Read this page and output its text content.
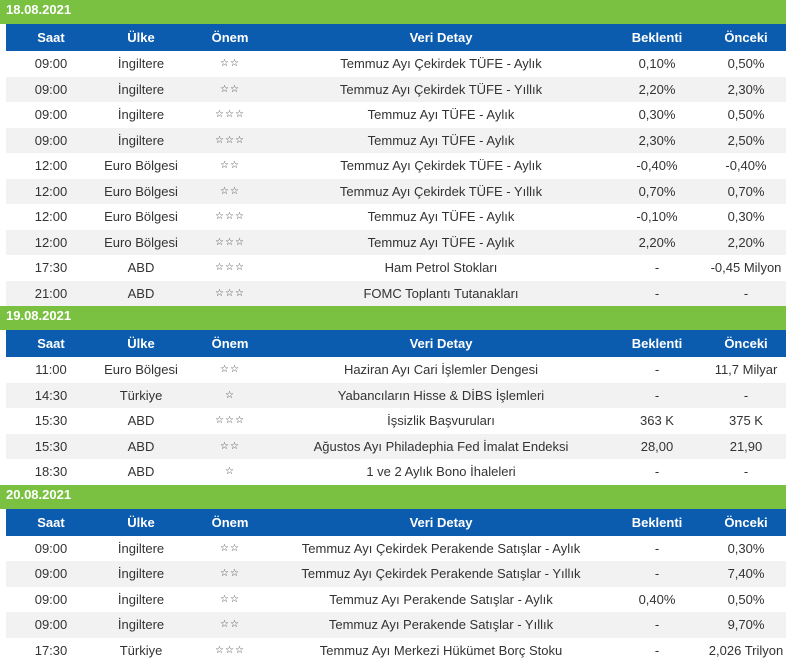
18.08.2021
Saat	Ülke	Önem	Veri Detay	Beklenti	Önceki
09:00	İngiltere	☆☆	Temmuz Ayı Çekirdek TÜFE - Aylık	0,10%	0,50%
09:00	İngiltere	☆☆	Temmuz Ayı Çekirdek TÜFE - Yıllık	2,20%	2,30%
09:00	İngiltere	☆☆☆	Temmuz Ayı TÜFE - Aylık	0,30%	0,50%
09:00	İngiltere	☆☆☆	Temmuz Ayı TÜFE - Aylık	2,30%	2,50%
12:00	Euro Bölgesi	☆☆	Temmuz Ayı Çekirdek TÜFE - Aylık	-0,40%	-0,40%
12:00	Euro Bölgesi	☆☆	Temmuz Ayı Çekirdek TÜFE - Yıllık	0,70%	0,70%
12:00	Euro Bölgesi	☆☆☆	Temmuz Ayı TÜFE - Aylık	-0,10%	0,30%
12:00	Euro Bölgesi	☆☆☆	Temmuz Ayı TÜFE - Aylık	2,20%	2,20%
17:30	ABD	☆☆☆	Ham Petrol Stokları	-	-0,45 Milyon
21:00	ABD	☆☆☆	FOMC Toplantı Tutanakları	-	-
19.08.2021
Saat	Ülke	Önem	Veri Detay	Beklenti	Önceki
11:00	Euro Bölgesi	☆☆	Haziran Ayı Cari İşlemler Dengesi	-	11,7 Milyar
14:30	Türkiye	☆	Yabancıların Hisse & DİBS İşlemleri	-	-
15:30	ABD	☆☆☆	İşsizlik Başvuruları	363 K	375 K
15:30	ABD	☆☆	Ağustos Ayı Philadephia Fed İmalat Endeksi	28,00	21,90
18:30	ABD	☆	1 ve 2 Aylık Bono İhaleleri	-	-
20.08.2021
Saat	Ülke	Önem	Veri Detay	Beklenti	Önceki
09:00	İngiltere	☆☆	Temmuz Ayı Çekirdek Perakende Satışlar - Aylık	-	0,30%
09:00	İngiltere	☆☆	Temmuz Ayı Çekirdek Perakende Satışlar - Yıllık	-	7,40%
09:00	İngiltere	☆☆	Temmuz Ayı Perakende Satışlar - Aylık	0,40%	0,50%
09:00	İngiltere	☆☆	Temmuz Ayı Perakende Satışlar - Yıllık	-	9,70%
17:30	Türkiye	☆☆☆	Temmuz Ayı Merkezi Hükümet Borç Stoku	-	2,026 Trilyon
